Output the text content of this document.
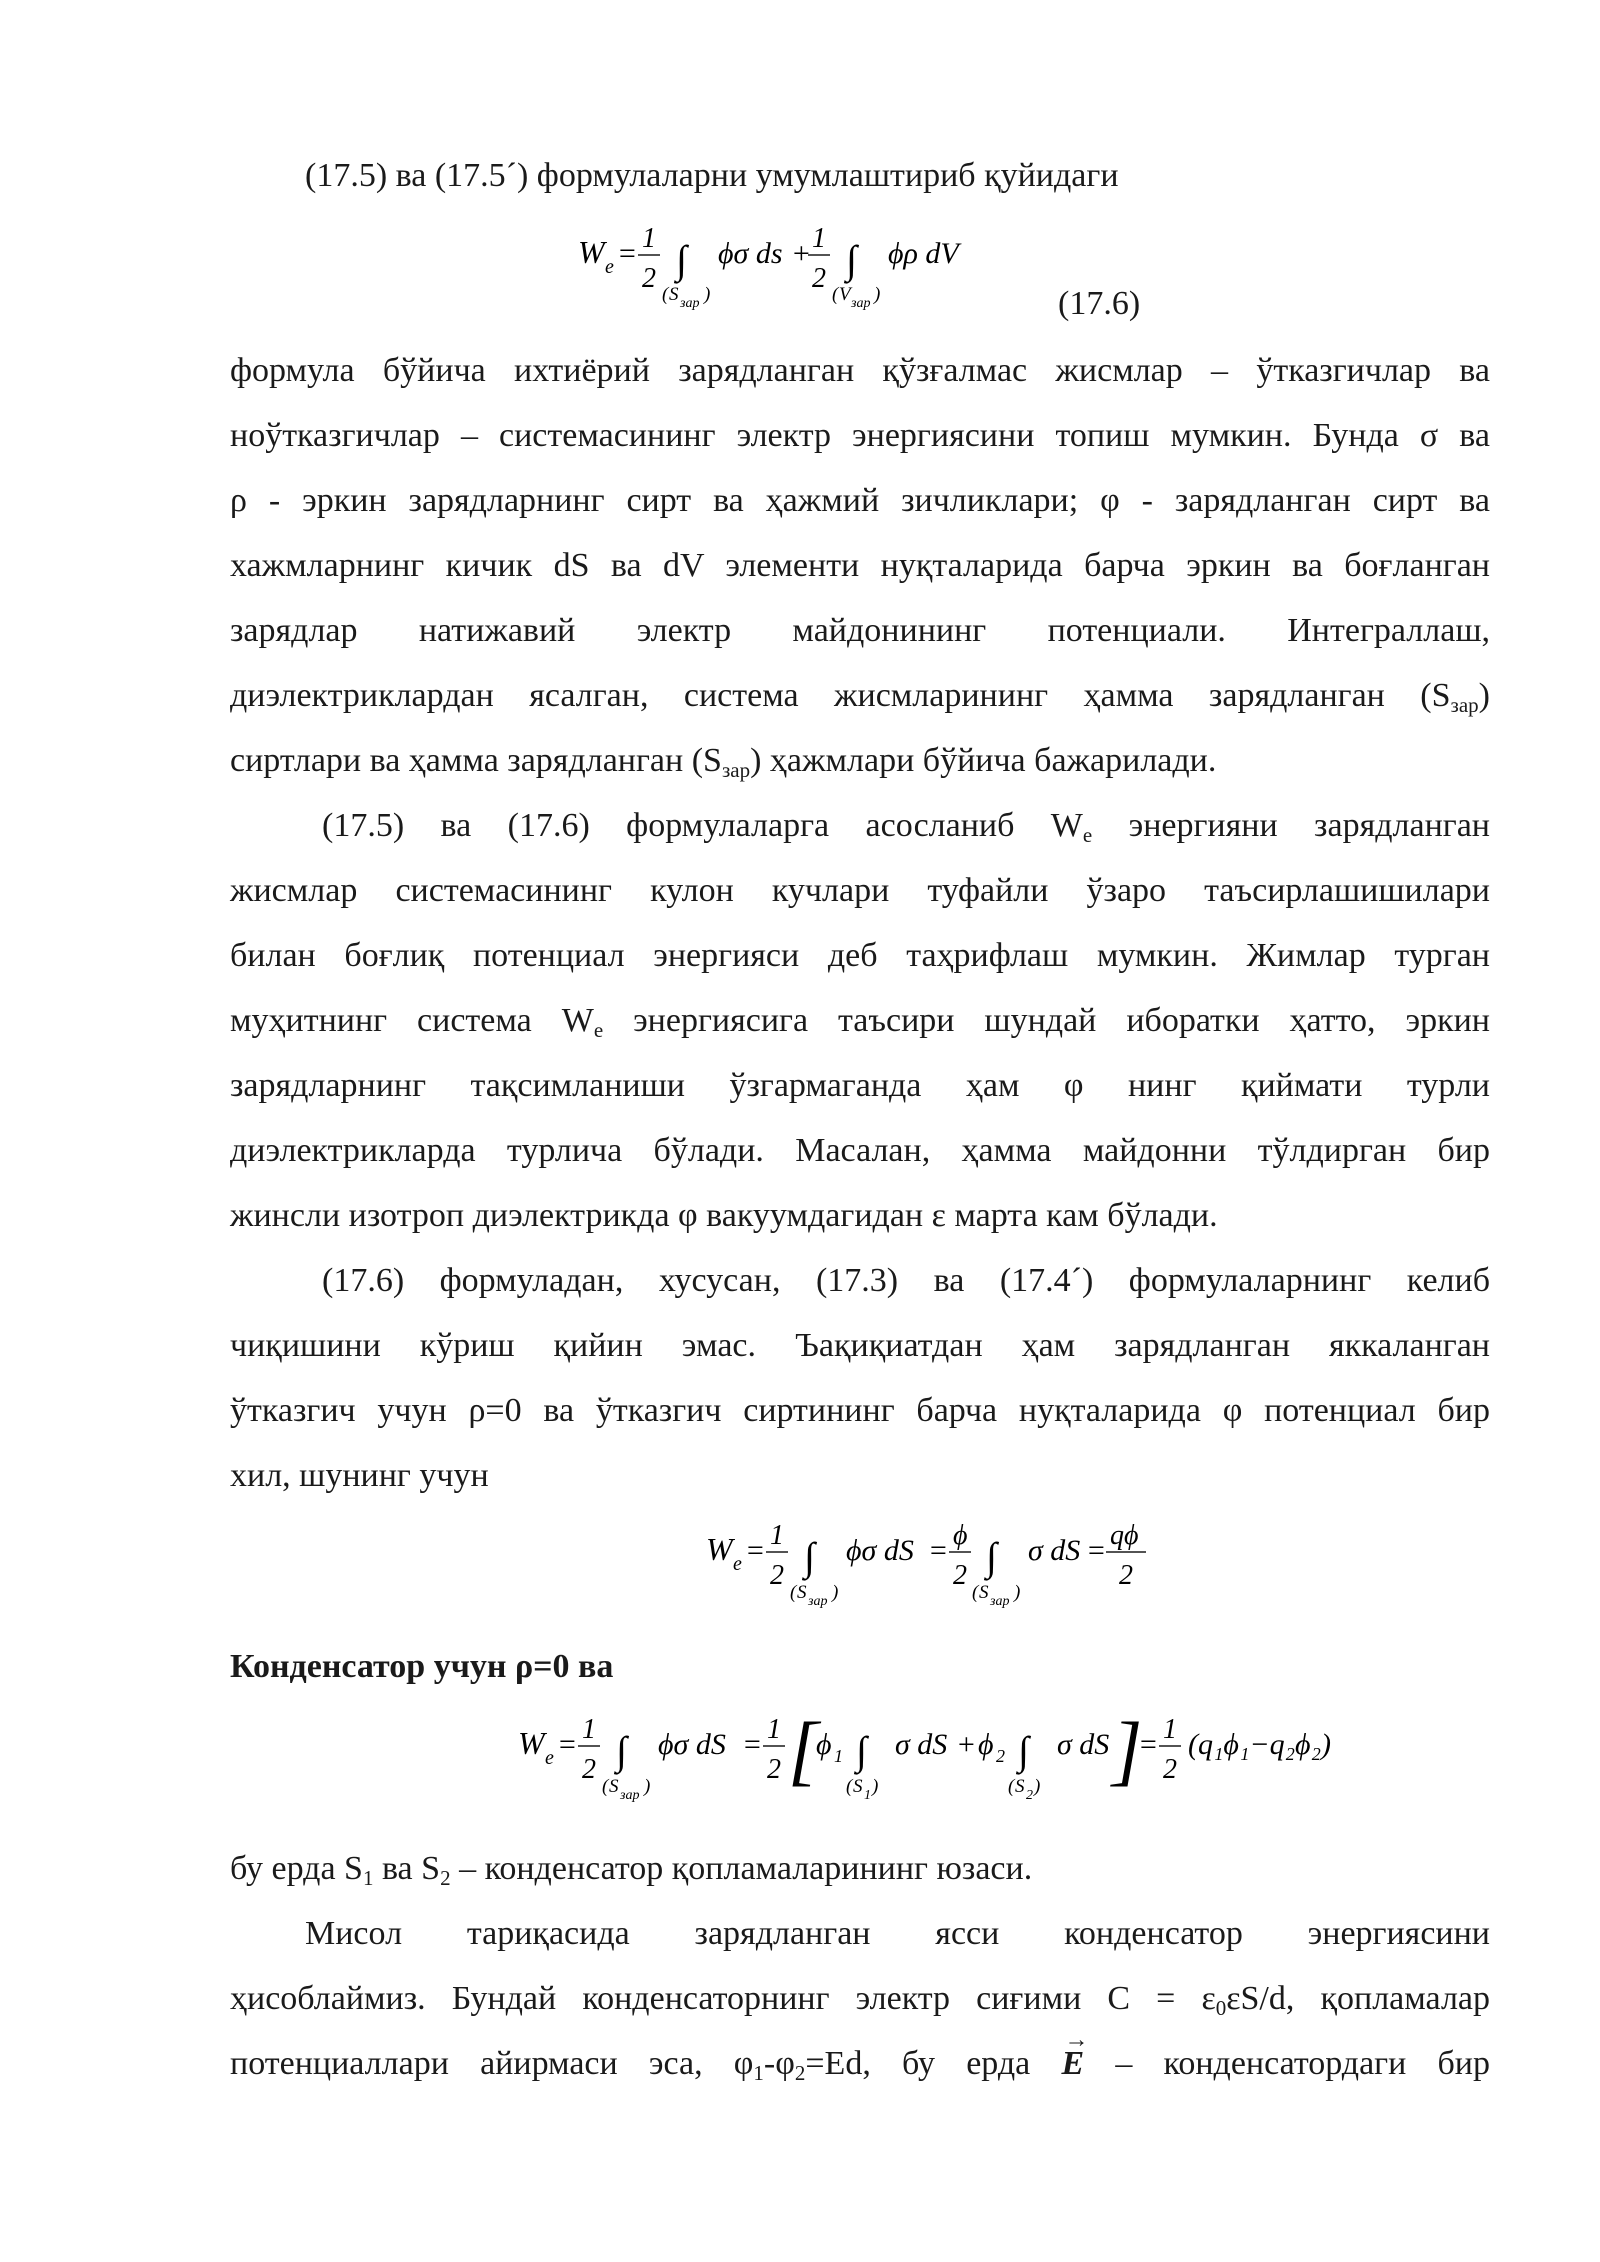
(17.5) ва (17.5´) формулаларни умумлаштириб қуйидаги
W e = 1
2 ∫
( S зар )
ϕσ ds + 1
2 ∫
( V зар )
ϕρ dV
(17.6)
формула бўйича ихтиёрий зарядланган қўзғалмас жисмлар – ўтказгичлар ва
ноўтказгичлар – системасининг электр энергиясини топиш мумкин. Бунда σ ва
ρ - эркин зарядларнинг сирт ва ҳажмий зичликлари; φ - зарядланган сирт ва
хажмларнинг кичик dS ва dV элементи нуқталарида барча эркин ва боғланган
зарядлар натижавий электр майдонининг потенциали. Интеграллаш,
диэлектриклардан ясалган, система жисмларининг ҳамма зарядланган $(S_{зар})$
сиртлари ва ҳамма зарядланган $(S_{зар})$ ҳажмлари бўйича бажарилади.
(17.5) ва (17.6) формулаларга асосланиб $W_e$ энергияни зарядланган
жисмлар системасининг кулон кучлари туфайли ўзаро таъсирлашишилари
билан боғлиқ потенциал энергияси деб таҳрифлаш мумкин. Жимлар турган
муҳитнинг система $W_e$ энергиясига таъсири шундай иборатки ҳатто, эркин
зарядларнинг тақсимланиши ўзгармаганда ҳам φ нинг қиймати турли
диэлектрикларда турлича бўлади. Масалан, ҳамма майдонни тўлдирган бир
жинсли изотроп диэлектрикда φ вакуумдагидан ε марта кам бўлади.
(17.6) формуладан, хусусан, (17.3) ва (17.4´) формулаларнинг келиб
чиқишини кўриш қийин эмас. Ъақиқиатдан ҳам зарядланган яккаланган
ўтказгич учун ρ=0 ва ўтказгич сиртининг барча нуқталарида φ потенциал бир
хил, шунинг учун
W e = 1
2 ∫
( S зар )
ϕσ dS = ϕ
2 ∫
( S зар )
σ dS = qϕ
2
Конденсатор учун ρ=0 ва
W e = 1
2 ∫
( S зар )
ϕσ dS = 1
2 [
ϕ 1 ∫
( S 1 )
σ dS + ϕ 2 ∫
( S 2 )
σ dS ]
= 1
2
(q₁ϕ₁−q₂ϕ₂)
бу ерда $S_1$ ва $S_2$ – конденсатор қопламаларининг юзаси.
Мисол тариқасида зарядланган ясси конденсатор энергиясини
ҳисоблаймиз. Бундай конденсаторнинг электр сиғими $C = \varepsilon_0\varepsilon S/d$, қопламалар
потенциаллари айирмаси эса, $\varphi_1-\varphi_2=Ed$, бу ерда → E – конденсатордаги бир
